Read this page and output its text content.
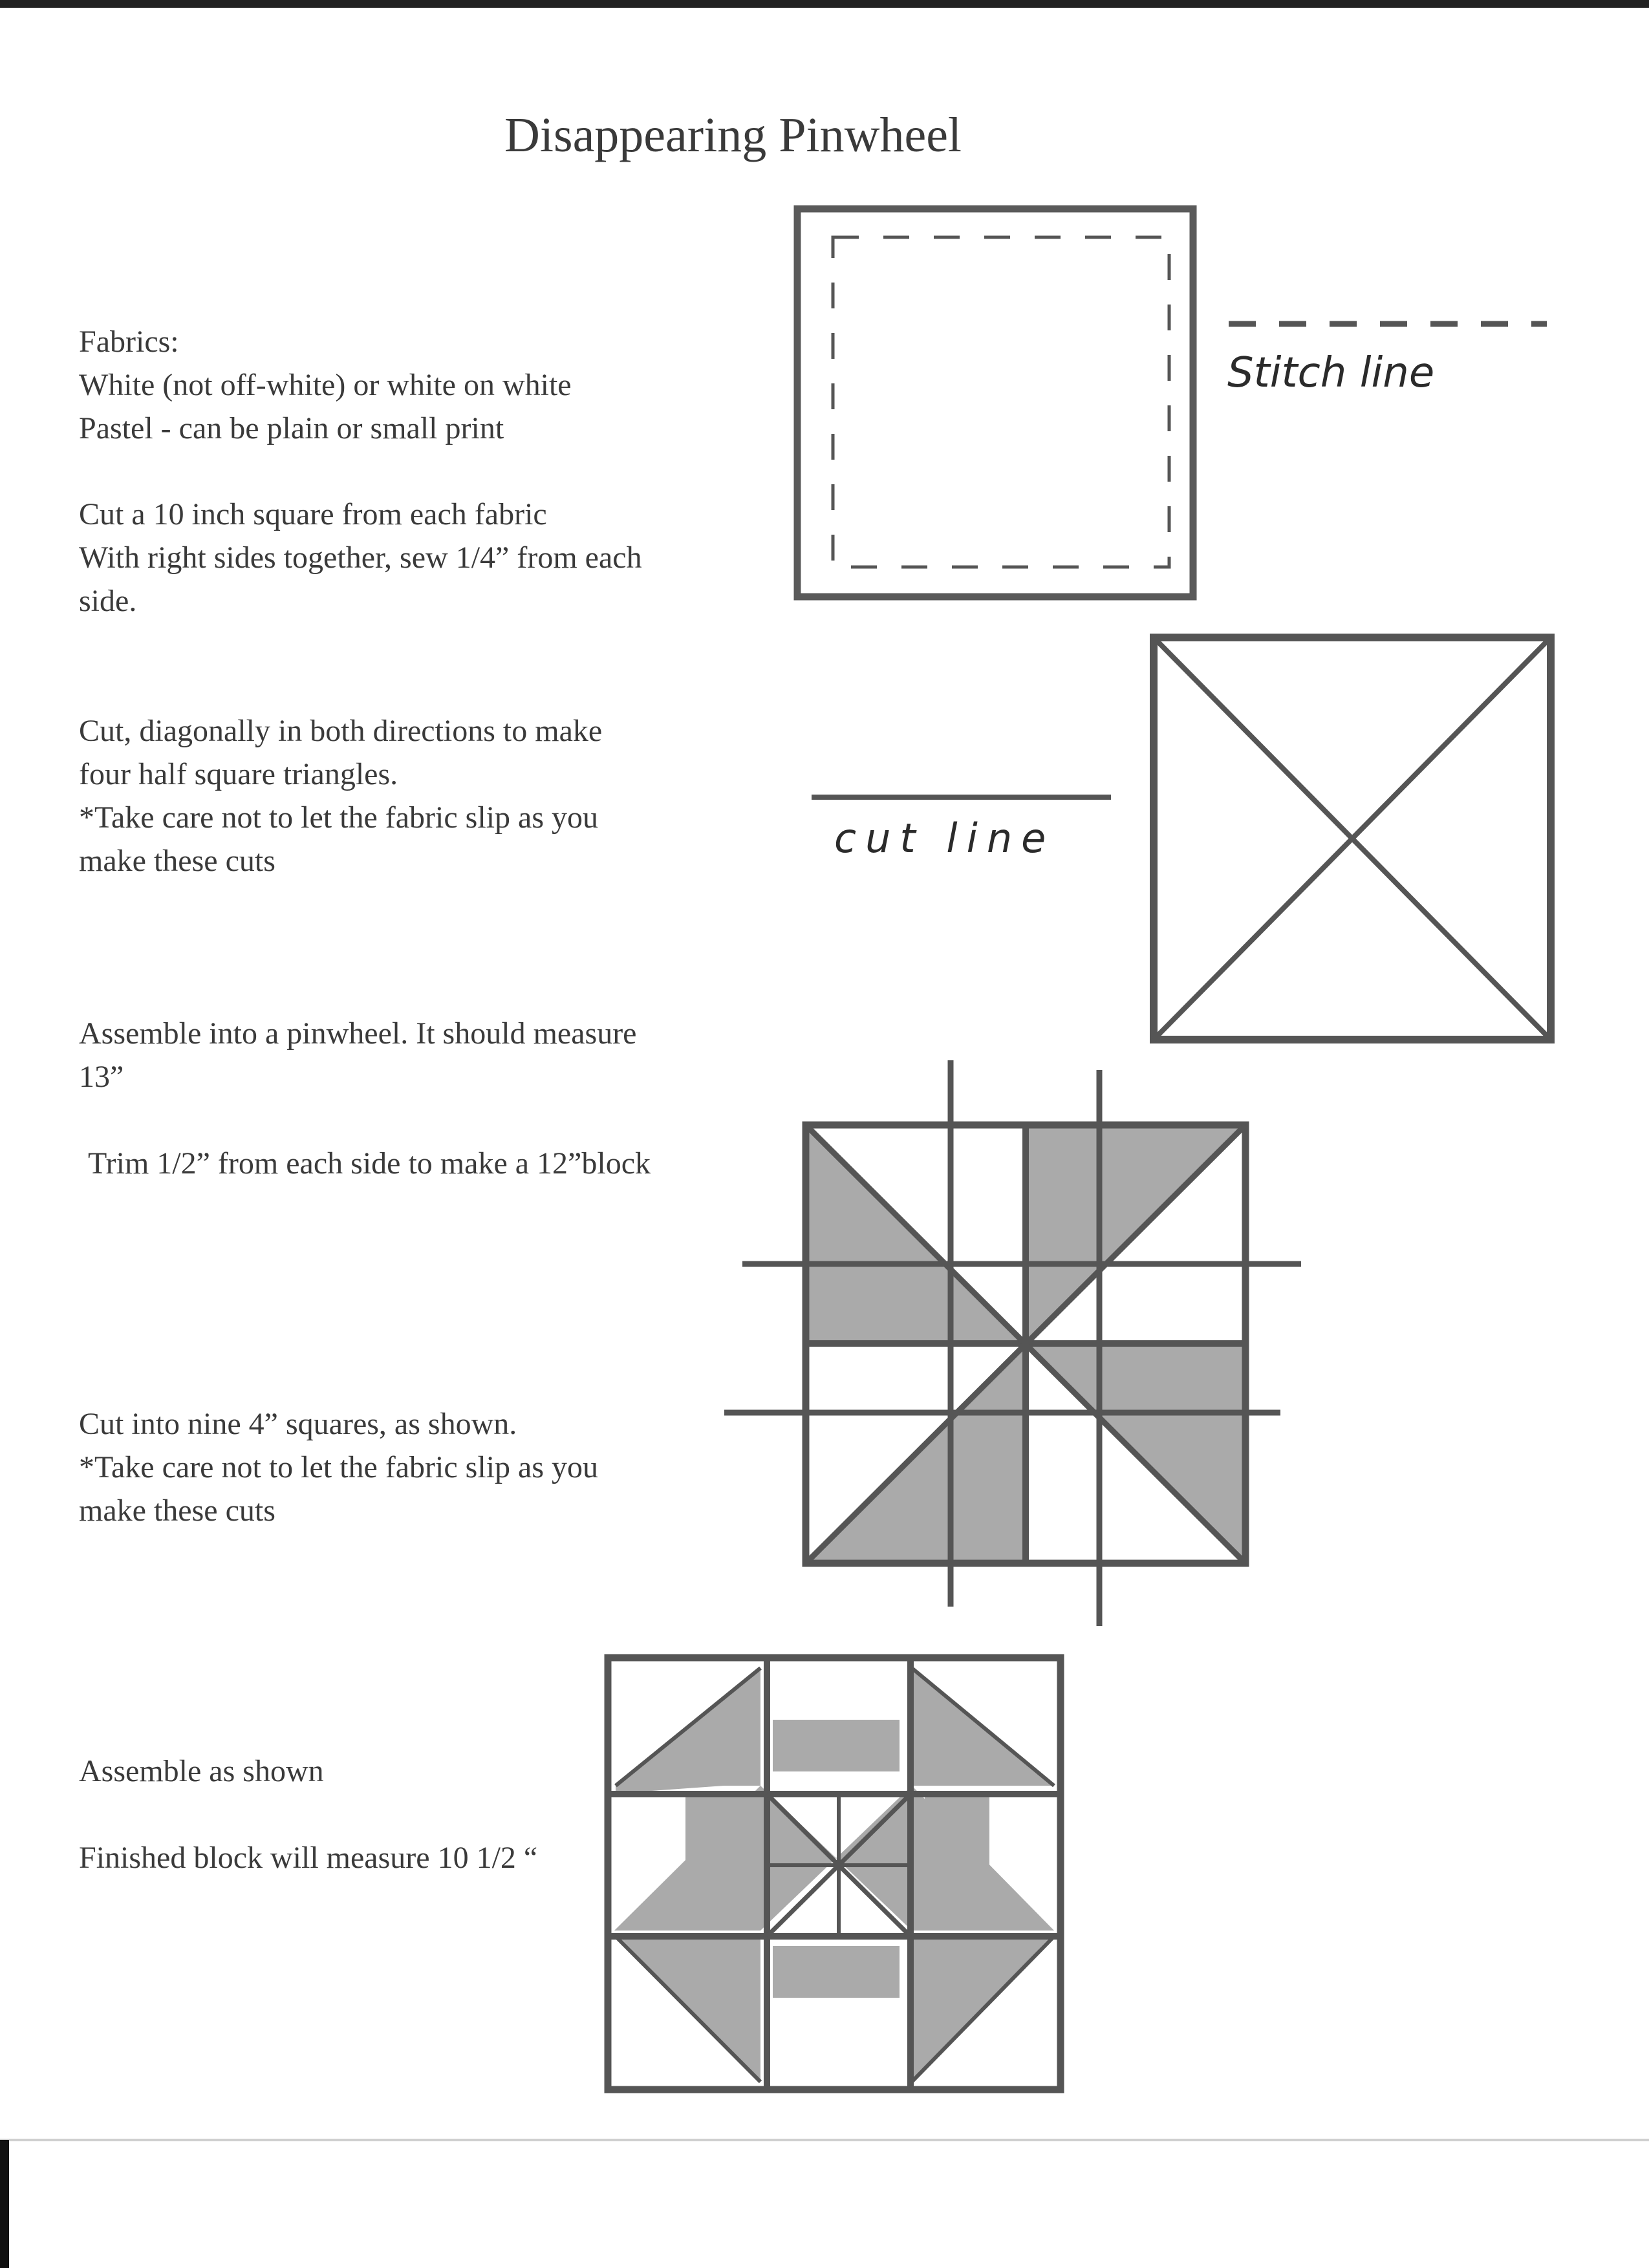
Disappearing Pinwheel
Fabrics:
White (not off-white) or white on white
Pastel - can be plain or small print
Cut a 10 inch square from each fabric
With right sides together, sew 1/4” from each
side.
Cut, diagonally in both directions to make
four half square triangles.
*Take care not to let the fabric slip as you
make these cuts
Assemble into a pinwheel. It should measure
13”
Trim 1/2” from each side to make a 12”block
Cut into nine 4” squares, as shown.
*Take care not to let the fabric slip as you
make these cuts
Assemble as shown
Finished block will measure 10 1/2 “
Stitch line
cut line
